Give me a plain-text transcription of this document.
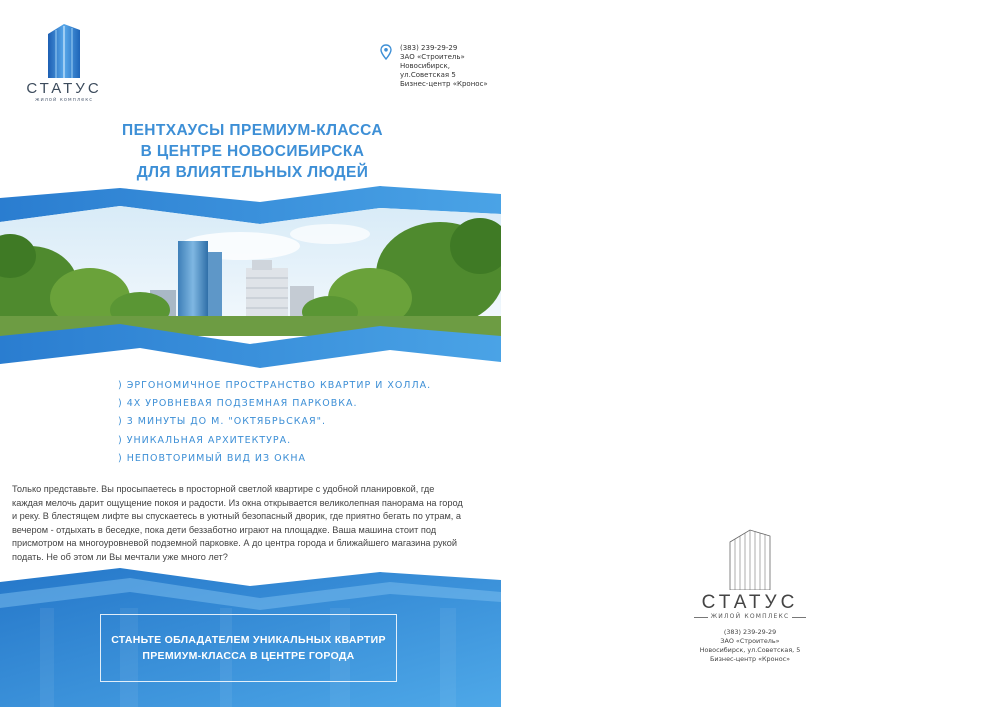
СТАТУС
жилой комплекс
(383) 239-29-29
ЗАО «Строитель»
Новосибирск, ул.Советская 5
Бизнес-центр «Кронос»
ПЕНТХАУСЫ ПРЕМИУМ-КЛАССА
В ЦЕНТРЕ НОВОСИБИРСКА
ДЛЯ ВЛИЯТЕЛЬНЫХ ЛЮДЕЙ
) ЭРГОНОМИЧНОЕ ПРОСТРАНСТВО КВАРТИР И ХОЛЛА.
) 4Х УРОВНЕВАЯ ПОДЗЕМНАЯ ПАРКОВКА.
) 3 МИНУТЫ ДО М. "ОКТЯБРЬСКАЯ".
) УНИКАЛЬНАЯ АРХИТЕКТУРА.
) НЕПОВТОРИМЫЙ ВИД ИЗ ОКНА
Только представьте. Вы просыпаетесь в просторной светлой квартире с удобной планировкой, где каждая мелочь дарит ощущение покоя и радости. Из окна открывается великолепная панорама на город и реку. В блестящем лифте вы спускаетесь в уютный безопасный дворик, где приятно бегать по утрам, а вечером - отдыхать в беседке, пока дети беззаботно играют на площадке. Ваша машина стоит под присмотром на многоуровневой подземной парковке. А до центра города и ближайшего магазина рукой подать. Не об этом ли Вы мечтали уже много лет?
СТАНЬТЕ ОБЛАДАТЕЛЕМ УНИКАЛЬНЫХ КВАРТИР
ПРЕМИУМ-КЛАССА В ЦЕНТРЕ ГОРОДА
СТАТУС
ЖИЛОЙ КОМПЛЕКС
(383) 239-29-29
ЗАО «Строитель»
Новосибирск, ул.Советская, 5
Бизнес-центр «Кронос»
